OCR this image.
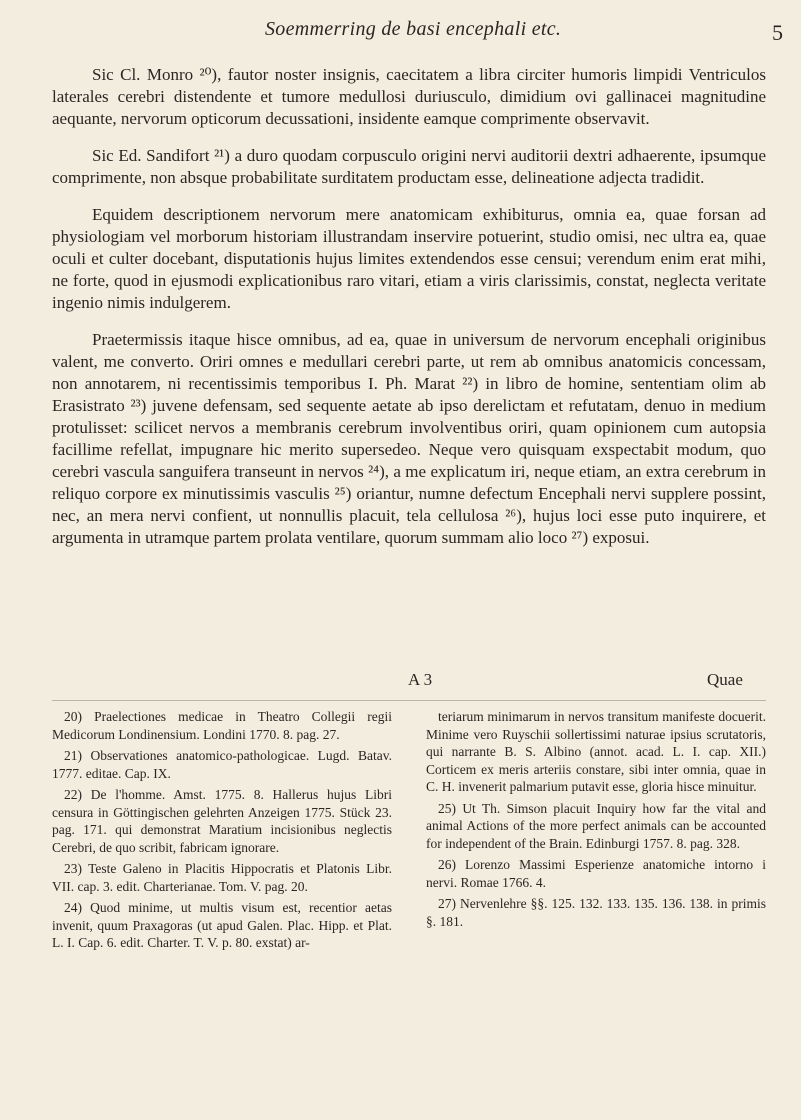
Soemmerring de basi encephali etc.	5

Sic Cl. Monro ²⁰), fautor noster insignis, caecitatem a libra circiter humoris limpidi Ventriculos laterales cerebri distendente et tumore medullosi duriusculo, dimidium ovi gallinacei magnitudine aequante, nervorum opticorum decussationi, insidente eamque comprimente observavit.

Sic Ed. Sandifort ²¹) a duro quodam corpusculo origini nervi auditorii dextri adhaerente, ipsumque comprimente, non absque probabilitate surditatem productam esse, delineatione adjecta tradidit.

Equidem descriptionem nervorum mere anatomicam exhibiturus, omnia ea, quae forsan ad physiologiam vel morborum historiam illustrandam inservire potuerint, studio omisi, nec ultra ea, quae oculi et culter docebant, disputationis hujus limites extendendos esse censui; verendum enim erat mihi, ne forte, quod in ejusmodi explicationibus raro vitari, etiam a viris clarissimis, constat, neglecta veritate ingenio nimis indulgerem.

Praetermissis itaque hisce omnibus, ad ea, quae in universum de nervorum encephali originibus valent, me converto. Oriri omnes e medullari cerebri parte, ut rem ab omnibus anatomicis concessam, non annotarem, ni recentissimis temporibus I. Ph. Marat ²²) in libro de homine, sententiam olim ab Erasistrato ²³) juvene defensam, sed sequente aetate ab ipso derelictam et refutatam, denuo in medium protulisset: scilicet nervos a membranis cerebrum involventibus oriri, quam opinionem cum autopsia facillime refellat, impugnare hic merito supersedeo. Neque vero quisquam exspectabit modum, quo cerebri vascula sanguifera transeunt in nervos ²⁴), a me explicatum iri, neque etiam, an extra cerebrum in reliquo corpore ex minutissimis vasculis ²⁵) oriantur, numne defectum Encephali nervi supplere possint, nec, an mera nervi confient, ut nonnullis placuit, tela cellulosa ²⁶), hujus loci esse puto inquirere, et argumenta in utramque partem prolata ventilare, quorum summam alio loco ²⁷) exposui.

A 3	Quae

20) Praelectiones medicae in Theatro Collegii regii Medicorum Londinensium. Londini 1770. 8. pag. 27.

21) Observationes anatomico-pathologicae. Lugd. Batav. 1777. editae. Cap. IX.

22) De l'homme. Amst. 1775. 8. Hallerus hujus Libri censura in Göttingischen gelehrten Anzeigen 1775. Stück 23. pag. 171. qui demonstrat Maratium incisionibus neglectis Cerebri, de quo scribit, fabricam ignorare.

23) Teste Galeno in Placitis Hippocratis et Platonis Libr. VII. cap. 3. edit. Charterianae. Tom. V. pag. 20.

24) Quod minime, ut multis visum est, recentior aetas invenit, quum Praxagoras (ut apud Galen. Plac. Hipp. et Plat. L. I. Cap. 6. edit. Charter. T. V. p. 80. exstat) ar-

teriarum minimarum in nervos transitum manifeste docuerit. Minime vero Ruyschii sollertissimi naturae ipsius scrutatoris, qui narrante B. S. Albino (annot. acad. L. I. cap. XII.) Corticem ex meris arteriis constare, sibi inter omnia, quae in C. H. invenerit palmarium putavit esse, gloria hisce minuitur.

25) Ut Th. Simson placuit Inquiry how far the vital and animal Actions of the more perfect animals can be accounted for independent of the Brain. Edinburgi 1757. 8. pag. 328.

26) Lorenzo Massimi Esperienze anatomiche intorno i nervi. Romae 1766. 4.

27) Nervenlehre §§. 125. 132. 133. 135. 136. 138. in primis §. 181.
